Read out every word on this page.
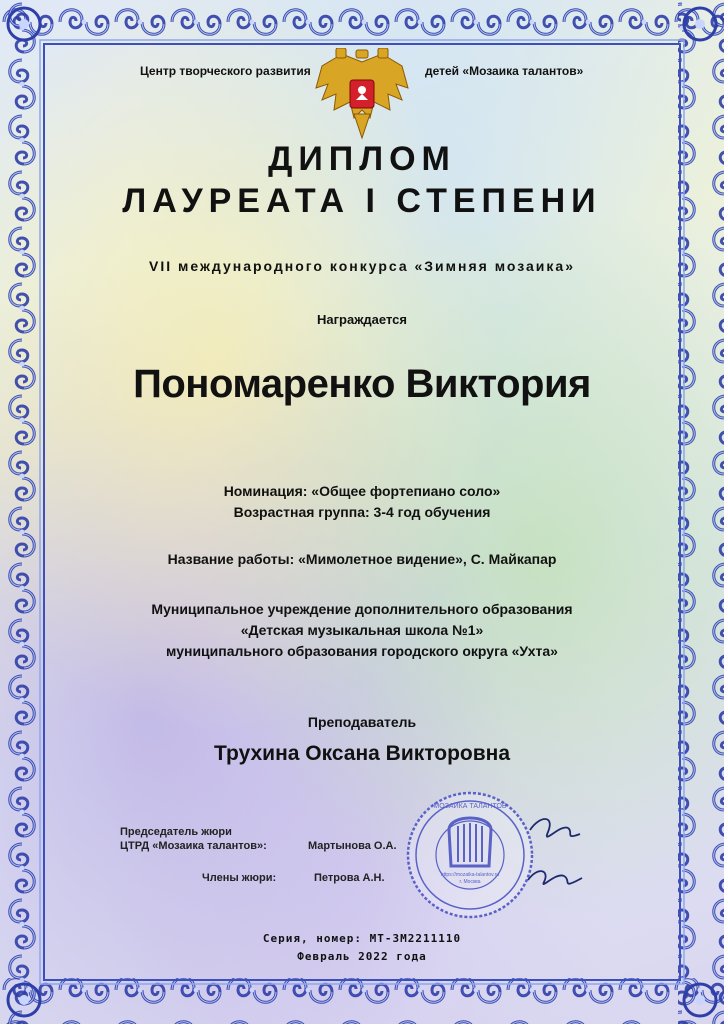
Центр творческого развития	детей «Мозаика талантов»
ДИПЛОМ
ЛАУРЕАТА I СТЕПЕНИ
VII международного конкурса «Зимняя мозаика»
Награждается
Пономаренко Виктория
Номинация: «Общее фортепиано соло»
Возрастная группа: 3-4 год обучения
Название работы: «Мимолетное видение», С. Майкапар
Муниципальное учреждение дополнительного образования
«Детская музыкальная школа №1»
муниципального образования городского округа «Ухта»
Преподаватель
Трухина Оксана Викторовна
Председатель жюри
ЦТРД «Мозаика талантов»:	Мартынова О.А.
Члены жюри:	Петрова А.Н.
МОЗАИКА ТАЛАНТОВ
https://mozaika-talantov.ru
г. Москва
Серия, номер: МТ-ЗМ2211110
Февраль 2022 года
